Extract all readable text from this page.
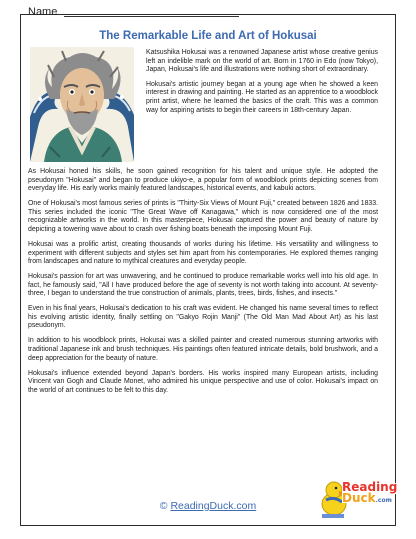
Name
The Remarkable Life and Art of Hokusai

Katsushika Hokusai was a renowned Japanese artist whose creative genius left an indelible mark on the world of art. Born in 1760 in Edo (now Tokyo), Japan, Hokusai's life and illustrations were nothing short of extraordinary.

Hokusai's artistic journey began at a young age when he showed a keen interest in drawing and painting. He started as an apprentice to a woodblock print artist, where he learned the basics of the craft. This was a common way for aspiring artists to begin their careers in 18th-century Japan.

As Hokusai honed his skills, he soon gained recognition for his talent and unique style. He adopted the pseudonym "Hokusai" and began to produce ukiyo-e, a popular form of woodblock prints depicting scenes from everyday life. His early works mainly featured landscapes, historical events, and kabuki actors.

One of Hokusai's most famous series of prints is "Thirty-Six Views of Mount Fuji," created between 1826 and 1833. This series included the iconic "The Great Wave off Kanagawa," which is now considered one of the most recognizable artworks in the world. In this masterpiece, Hokusai captured the power and beauty of nature by depicting a towering wave about to crash over fishing boats beneath the imposing Mount Fuji.

Hokusai was a prolific artist, creating thousands of works during his lifetime. His versatility and willingness to experiment with different subjects and styles set him apart from his contemporaries. He explored themes ranging from landscapes and nature to mythical creatures and everyday people.

Hokusai's passion for art was unwavering, and he continued to produce remarkable works well into his old age. In fact, he famously said, "All I have produced before the age of seventy is not worth taking into account. At seventy-three, I began to understand the true construction of animals, plants, trees, birds, fishes, and insects."

Even in his final years, Hokusai's dedication to his craft was evident. He changed his name several times to reflect his evolving artistic identity, finally settling on "Gakyo Rojin Manji" (The Old Man Mad About Art) as his last pseudonym.

In addition to his woodblock prints, Hokusai was a skilled painter and created numerous stunning artworks with traditional Japanese ink and brush techniques. His paintings often featured intricate details, bold brushwork, and a deep appreciation for the beauty of nature.

Hokusai's influence extended beyond Japan's borders. His works inspired many European artists, including Vincent van Gogh and Claude Monet, who admired his unique perspective and use of color. Hokusai's impact on the world of art continues to be felt to this day.

© ReadingDuck.com
Reading
Duck.com
